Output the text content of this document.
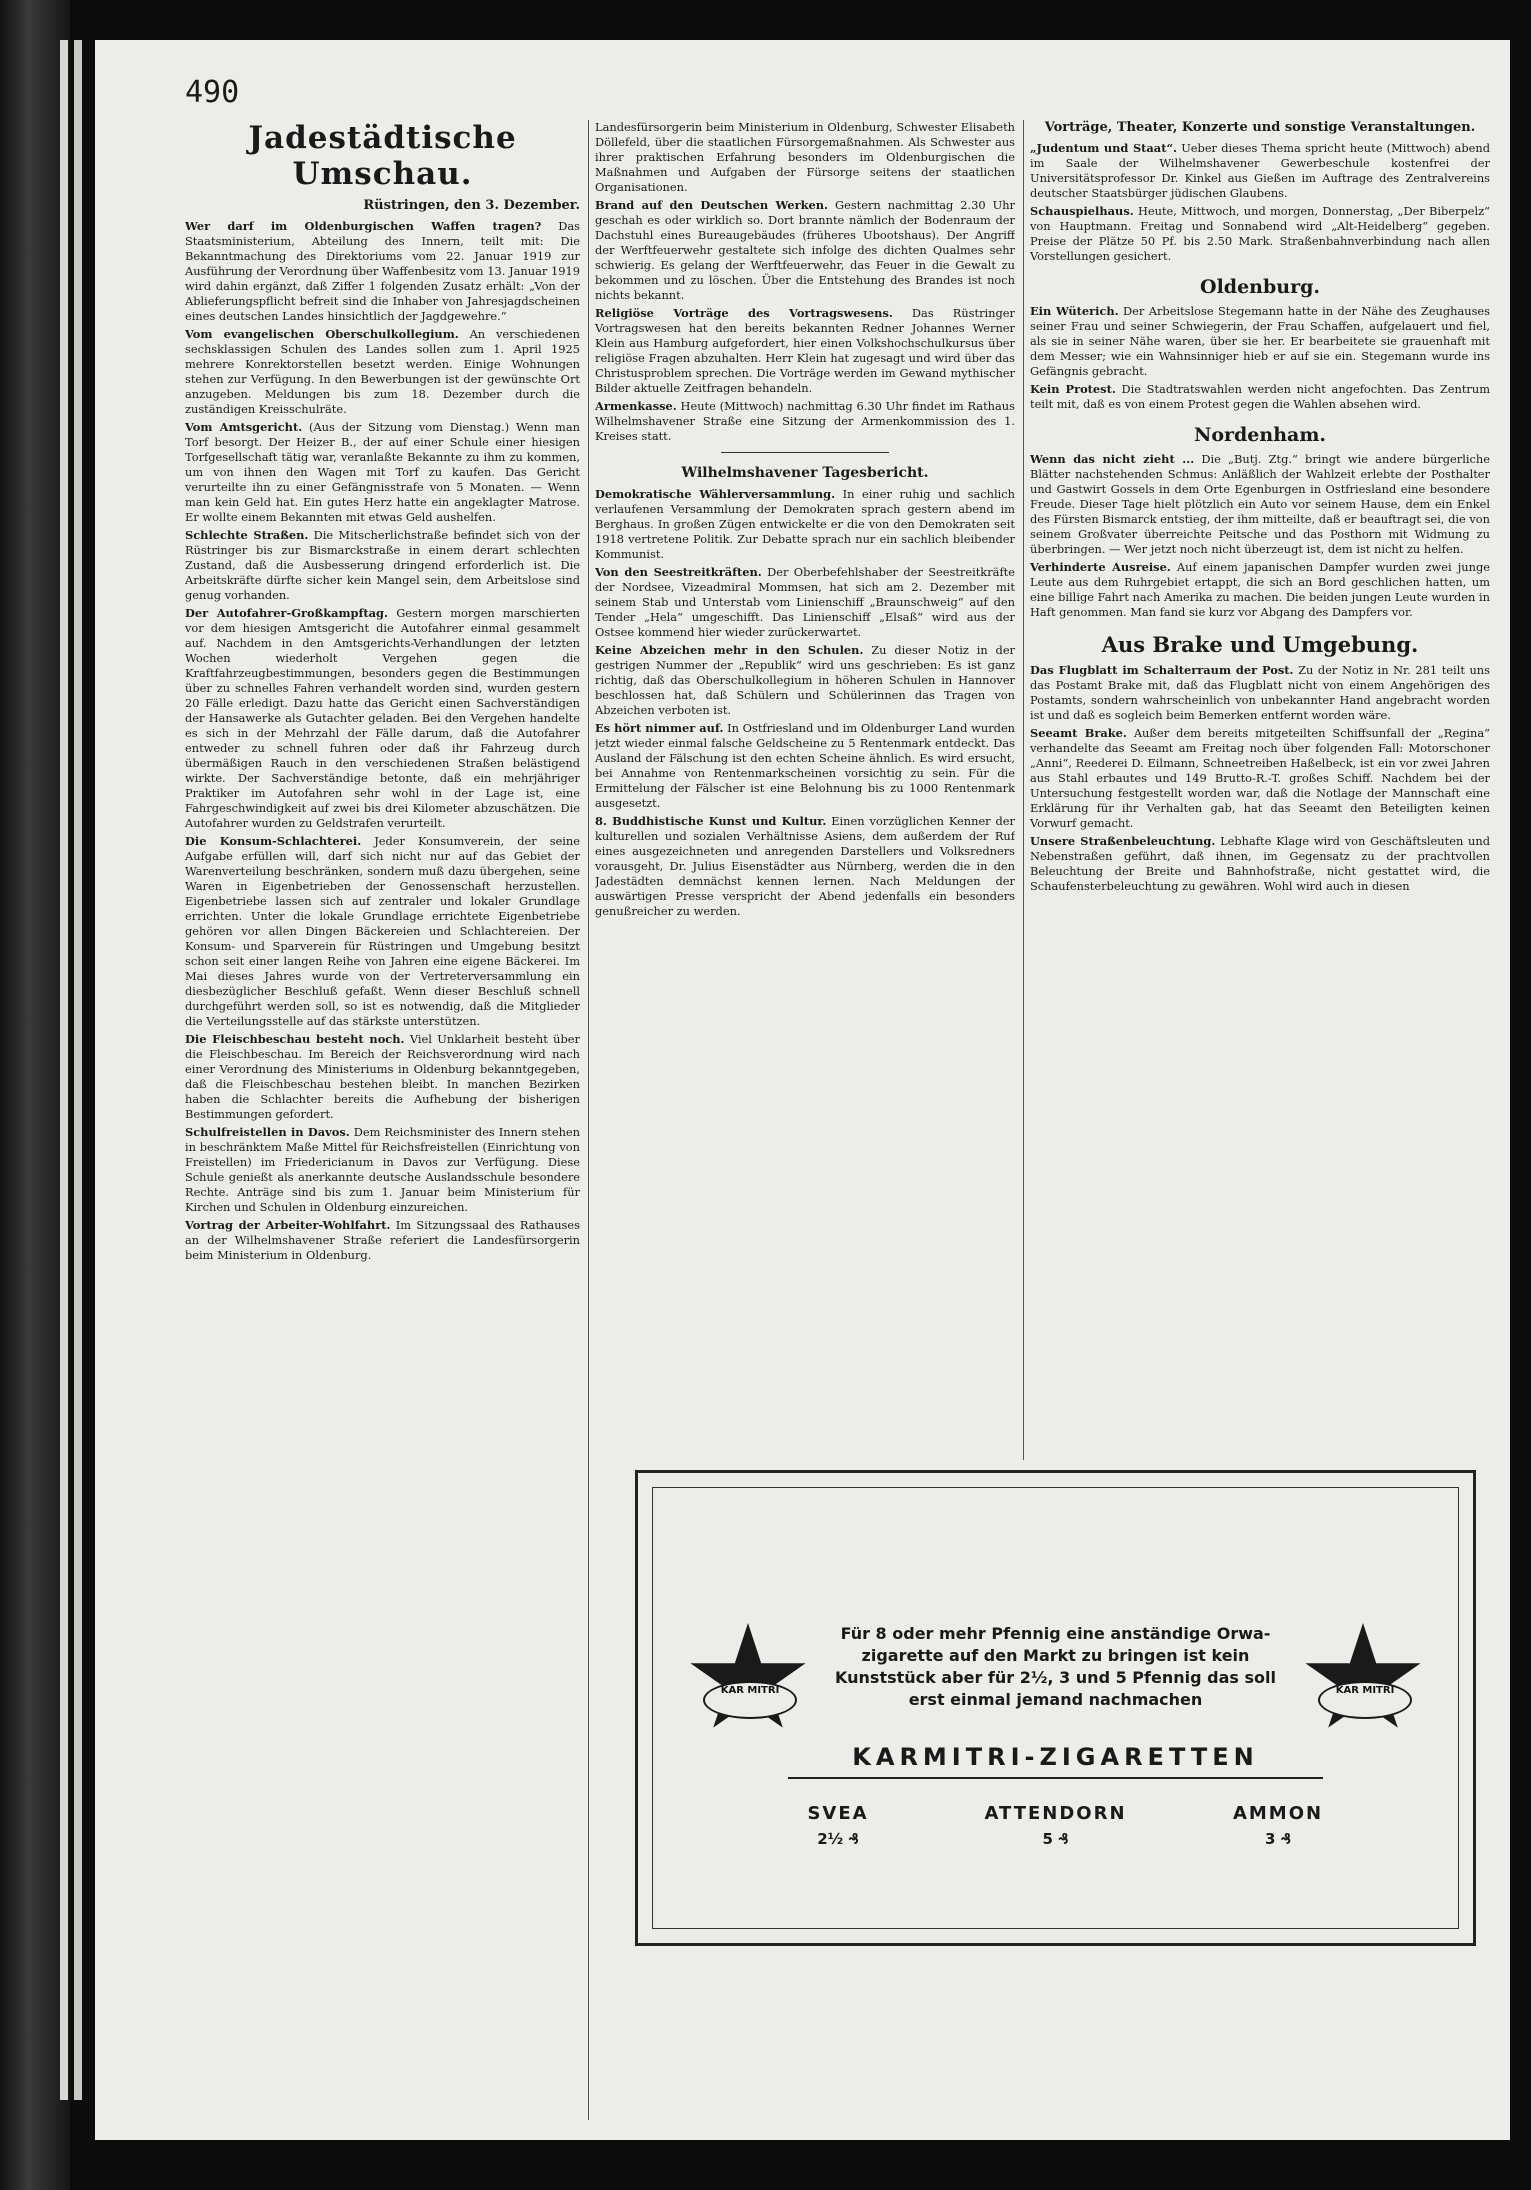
490
Jadestädtische Umschau.
Rüstringen, den 3. Dezember.

Wer darf im Oldenburgischen Waffen tragen? Das Staatsministerium, Abteilung des Innern, teilt mit: Die Bekanntmachung des Direktoriums vom 22. Januar 1919 zur Ausführung der Verordnung über Waffenbesitz vom 13. Januar 1919 wird dahin ergänzt, daß Ziffer 1 folgenden Zusatz erhält: „Von der Ablieferungspflicht befreit sind die Inhaber von Jahresjagdscheinen eines deutschen Landes hinsichtlich der Jagdgewehre.“

Vom evangelischen Oberschulkollegium. An verschiedenen sechsklassigen Schulen des Landes sollen zum 1. April 1925 mehrere Konrektorstellen besetzt werden. Einige Wohnungen stehen zur Verfügung. In den Bewerbungen ist der gewünschte Ort anzugeben. Meldungen bis zum 18. Dezember durch die zuständigen Kreisschulräte.

Vom Amtsgericht. (Aus der Sitzung vom Dienstag.) Wenn man Torf besorgt. Der Heizer B., der auf einer Schule einer hiesigen Torfgesellschaft tätig war, veranlaßte Bekannte zu ihm zu kommen, um von ihnen den Wagen mit Torf zu kaufen. Das Gericht verurteilte ihn zu einer Gefängnisstrafe von 5 Monaten. — Wenn man kein Geld hat. Ein gutes Herz hatte ein angeklagter Matrose. Er wollte einem Bekannten mit etwas Geld aushelfen.

Schlechte Straßen. Die Mitscherlichstraße befindet sich von der Rüstringer bis zur Bismarckstraße in einem derart schlechten Zustand, daß die Ausbesserung dringend erforderlich ist. Die Arbeitskräfte dürfte sicher kein Mangel sein, dem Arbeitslose sind genug vorhanden.

Der Autofahrer-Großkampftag. Gestern morgen marschierten vor dem hiesigen Amtsgericht die Autofahrer einmal gesammelt auf. Nachdem in den Amtsgerichts-Verhandlungen der letzten Wochen wiederholt Vergehen gegen die Kraftfahrzeugbestimmungen, besonders gegen die Bestimmungen über zu schnelles Fahren verhandelt worden sind, wurden gestern 20 Fälle erledigt. Dazu hatte das Gericht einen Sachverständigen der Hansawerke als Gutachter geladen. Bei den Vergehen handelte es sich in der Mehrzahl der Fälle darum, daß die Autofahrer entweder zu schnell fuhren oder daß ihr Fahrzeug durch übermäßigen Rauch in den verschiedenen Straßen belästigend wirkte. Der Sachverständige betonte, daß ein mehrjähriger Praktiker im Autofahren sehr wohl in der Lage ist, eine Fahrgeschwindigkeit auf zwei bis drei Kilometer abzuschätzen. Die Autofahrer wurden zu Geldstrafen verurteilt.

Die Konsum-Schlachterei. Jeder Konsumverein, der seine Aufgabe erfüllen will, darf sich nicht nur auf das Gebiet der Warenverteilung beschränken, sondern muß dazu übergehen, seine Waren in Eigenbetrieben der Genossenschaft herzustellen. Eigenbetriebe lassen sich auf zentraler und lokaler Grundlage errichten. Unter die lokale Grundlage errichtete Eigenbetriebe gehören vor allen Dingen Bäckereien und Schlachtereien. Der Konsum- und Sparverein für Rüstringen und Umgebung besitzt schon seit einer langen Reihe von Jahren eine eigene Bäckerei. Im Mai dieses Jahres wurde von der Vertreterversammlung ein diesbezüglicher Beschluß gefaßt. Wenn dieser Beschluß schnell durchgeführt werden soll, so ist es notwendig, daß die Mitglieder die Verteilungsstelle auf das stärkste unterstützen.

Die Fleischbeschau besteht noch. Viel Unklarheit besteht über die Fleischbeschau. Im Bereich der Reichsverordnung wird nach einer Verordnung des Ministeriums in Oldenburg bekanntgegeben, daß die Fleischbeschau bestehen bleibt. In manchen Bezirken haben die Schlachter bereits die Aufhebung der bisherigen Bestimmungen gefordert.

Schulfreistellen in Davos. Dem Reichsminister des Innern stehen in beschränktem Maße Mittel für Reichsfreistellen (Einrichtung von Freistellen) im Friedericianum in Davos zur Verfügung. Diese Schule genießt als anerkannte deutsche Auslandsschule besondere Rechte. Anträge sind bis zum 1. Januar beim Ministerium für Kirchen und Schulen in Oldenburg einzureichen.

Vortrag der Arbeiter-Wohlfahrt. Im Sitzungssaal des Rathauses an der Wilhelmshavener Straße referiert die Landesfürsorgerin beim Ministerium in Oldenburg.

Landesfürsorgerin beim Ministerium in Oldenburg, Schwester Elisabeth Döllefeld, über die staatlichen Fürsorgemaßnahmen. Als Schwester aus ihrer praktischen Erfahrung besonders im Oldenburgischen die Maßnahmen und Aufgaben der Fürsorge seitens der staatlichen Organisationen.

Brand auf den Deutschen Werken. Gestern nachmittag 2.30 Uhr geschah es oder wirklich so. Dort brannte nämlich der Bodenraum der Dachstuhl eines Bureaugebäudes (früheres Ubootshaus). Der Angriff der Werftfeuerwehr gestaltete sich infolge des dichten Qualmes sehr schwierig. Es gelang der Werftfeuerwehr, das Feuer in die Gewalt zu bekommen und zu löschen. Über die Entstehung des Brandes ist noch nichts bekannt.

Religiöse Vorträge des Vortragswesens. Das Rüstringer Vortragswesen hat den bereits bekannten Redner Johannes Werner Klein aus Hamburg aufgefordert, hier einen Volkshochschulkursus über religiöse Fragen abzuhalten. Herr Klein hat zugesagt und wird über das Christusproblem sprechen. Die Vorträge werden im Gewand mythischer Bilder aktuelle Zeitfragen behandeln.

Armenkasse. Heute (Mittwoch) nachmittag 6.30 Uhr findet im Rathaus Wilhelmshavener Straße eine Sitzung der Armenkommission des 1. Kreises statt.

Wilhelmshavener Tagesbericht.

Demokratische Wählerversammlung. In einer ruhig und sachlich verlaufenen Versammlung der Demokraten sprach gestern abend im Berghaus. In großen Zügen entwickelte er die von den Demokraten seit 1918 vertretene Politik. Zur Debatte sprach nur ein sachlich bleibender Kommunist.

Von den Seestreitkräften. Der Oberbefehlshaber der Seestreitkräfte der Nordsee, Vizeadmiral Mommsen, hat sich am 2. Dezember mit seinem Stab und Unterstab vom Linienschiff „Braunschweig“ auf den Tender „Hela“ umgeschifft. Das Linienschiff „Elsaß“ wird aus der Ostsee kommend hier wieder zurückerwartet.

Keine Abzeichen mehr in den Schulen. Zu dieser Notiz in der gestrigen Nummer der „Republik“ wird uns geschrieben: Es ist ganz richtig, daß das Oberschulkollegium in höheren Schulen in Hannover beschlossen hat, daß Schülern und Schülerinnen das Tragen von Abzeichen verboten ist.

Es hört nimmer auf. In Ostfriesland und im Oldenburger Land wurden jetzt wieder einmal falsche Geldscheine zu 5 Rentenmark entdeckt. Das Ausland der Fälschung ist den echten Scheine ähnlich. Es wird ersucht, bei Annahme von Rentenmarkscheinen vorsichtig zu sein. Für die Ermittelung der Fälscher ist eine Belohnung bis zu 1000 Rentenmark ausgesetzt.

8. Buddhistische Kunst und Kultur. Einen vorzüglichen Kenner der kulturellen und sozialen Verhältnisse Asiens, dem außerdem der Ruf eines ausgezeichneten und anregenden Darstellers und Volksredners vorausgeht, Dr. Julius Eisenstädter aus Nürnberg, werden die in den Jadestädten demnächst kennen lernen. Nach Meldungen der auswärtigen Presse verspricht der Abend jedenfalls ein besonders genußreicher zu werden.

Vorträge, Theater, Konzerte und sonstige Veranstaltungen.

„Judentum und Staat“. Ueber dieses Thema spricht heute (Mittwoch) abend im Saale der Wilhelmshavener Gewerbeschule kostenfrei der Universitätsprofessor Dr. Kinkel aus Gießen im Auftrage des Zentralvereins deutscher Staatsbürger jüdischen Glaubens.

Schauspielhaus. Heute, Mittwoch, und morgen, Donnerstag, „Der Biberpelz“ von Hauptmann. Freitag und Sonnabend wird „Alt-Heidelberg“ gegeben. Preise der Plätze 50 Pf. bis 2.50 Mark. Straßenbahnverbindung nach allen Vorstellungen gesichert.

Oldenburg.

Ein Wüterich. Der Arbeitslose Stegemann hatte in der Nähe des Zeughauses seiner Frau und seiner Schwiegerin, der Frau Schaffen, aufgelauert und fiel, als sie in seiner Nähe waren, über sie her. Er bearbeitete sie grauenhaft mit dem Messer; wie ein Wahnsinniger hieb er auf sie ein. Stegemann wurde ins Gefängnis gebracht.

Kein Protest. Die Stadtratswahlen werden nicht angefochten. Das Zentrum teilt mit, daß es von einem Protest gegen die Wahlen absehen wird.

Nordenham.

Wenn das nicht zieht ... Die „Butj. Ztg.“ bringt wie andere bürgerliche Blätter nachstehenden Schmus: Anläßlich der Wahlzeit erlebte der Posthalter und Gastwirt Gossels in dem Orte Egenburgen in Ostfriesland eine besondere Freude. Dieser Tage hielt plötzlich ein Auto vor seinem Hause, dem ein Enkel des Fürsten Bismarck entstieg, der ihm mitteilte, daß er beauftragt sei, die von seinem Großvater überreichte Peitsche und das Posthorn mit Widmung zu überbringen. — Wer jetzt noch nicht überzeugt ist, dem ist nicht zu helfen.

Verhinderte Ausreise. Auf einem japanischen Dampfer wurden zwei junge Leute aus dem Ruhrgebiet ertappt, die sich an Bord geschlichen hatten, um eine billige Fahrt nach Amerika zu machen. Die beiden jungen Leute wurden in Haft genommen. Man fand sie kurz vor Abgang des Dampfers vor.

Aus Brake und Umgebung.

Das Flugblatt im Schalterraum der Post. Zu der Notiz in Nr. 281 teilt uns das Postamt Brake mit, daß das Flugblatt nicht von einem Angehörigen des Postamts, sondern wahrscheinlich von unbekannter Hand angebracht worden ist und daß es sogleich beim Bemerken entfernt worden wäre.

Seeamt Brake. Außer dem bereits mitgeteilten Schiffsunfall der „Regina“ verhandelte das Seeamt am Freitag noch über folgenden Fall: Motorschoner „Anni“, Reederei D. Eilmann, Schneetreiben Haßelbeck, ist ein vor zwei Jahren aus Stahl erbautes und 149 Brutto-R.-T. großes Schiff. Nachdem bei der Untersuchung festgestellt worden war, daß die Notlage der Mannschaft eine Erklärung für ihr Verhalten gab, hat das Seeamt den Beteiligten keinen Vorwurf gemacht.

Unsere Straßenbeleuchtung. Lebhafte Klage wird von Geschäftsleuten und Nebenstraßen geführt, daß ihnen, im Gegensatz zu der prachtvollen Beleuchtung der Breite und Bahnhofstraße, nicht gestattet wird, die Schaufensterbeleuchtung zu gewähren. Wohl wird auch in diesen

KAR MITRI	KAR MITRI
Für 8 oder mehr Pfennig eine anständige Orwa-zigarette auf den Markt zu bringen ist kein Kunststück aber für 2½, 3 und 5 Pfennig das soll erst einmal jemand nachmachen
KARMITRI-ZIGARETTEN
SVEA
2½ ₰
ATTENDORN
5 ₰
AMMON
3 ₰
